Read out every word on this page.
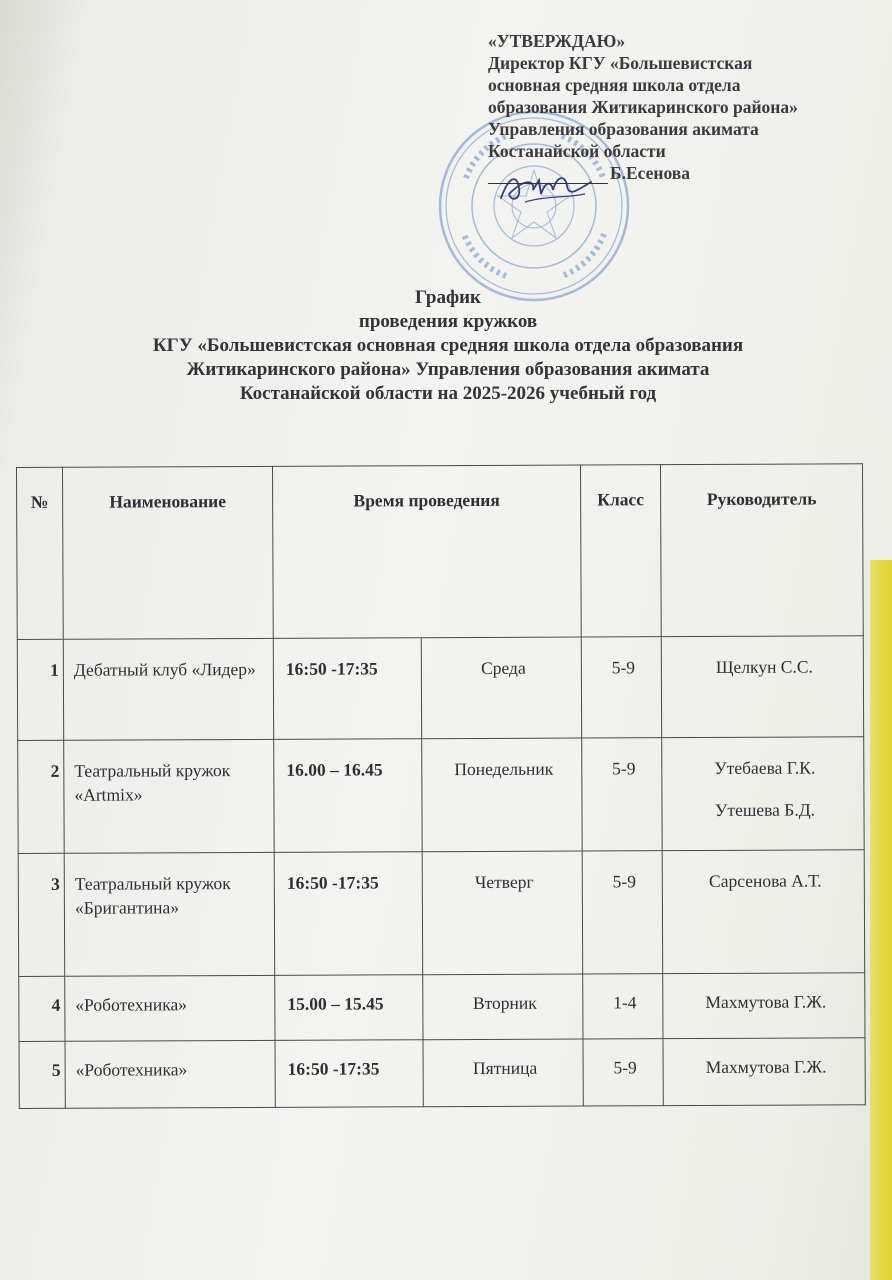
«УТВЕРЖДАЮ»
Директор КГУ «Большевистская
основная средняя школа отдела
образования Житикаринского района»
Управления образования акимата
Костанайской области
Б.Есенова
График
проведения кружков
КГУ «Большевистская основная средняя школа отдела образования
Житикаринского района» Управления образования акимата
Костанайской области на 2025-2026 учебный год
№	Наименование	Время проведения		Класс	Руководитель

1	Дебатный клуб «Лидер»	16:50 -17:35	Среда	5-9	Щелкун С.С.

2	Театральный кружок «Artmix»	16.00 – 16.45	Понедельник	5-9	Утебаева Г.К.
Утешева Б.Д.

3	Театральный кружок «Бригантина»	16:50 -17:35	Четверг	5-9	Сарсенова А.Т.

4	«Роботехника»	15.00 – 15.45	Вторник	1-4	Махмутова Г.Ж.

5	«Роботехника»	16:50 -17:35	Пятница	5-9	Махмутова Г.Ж.
